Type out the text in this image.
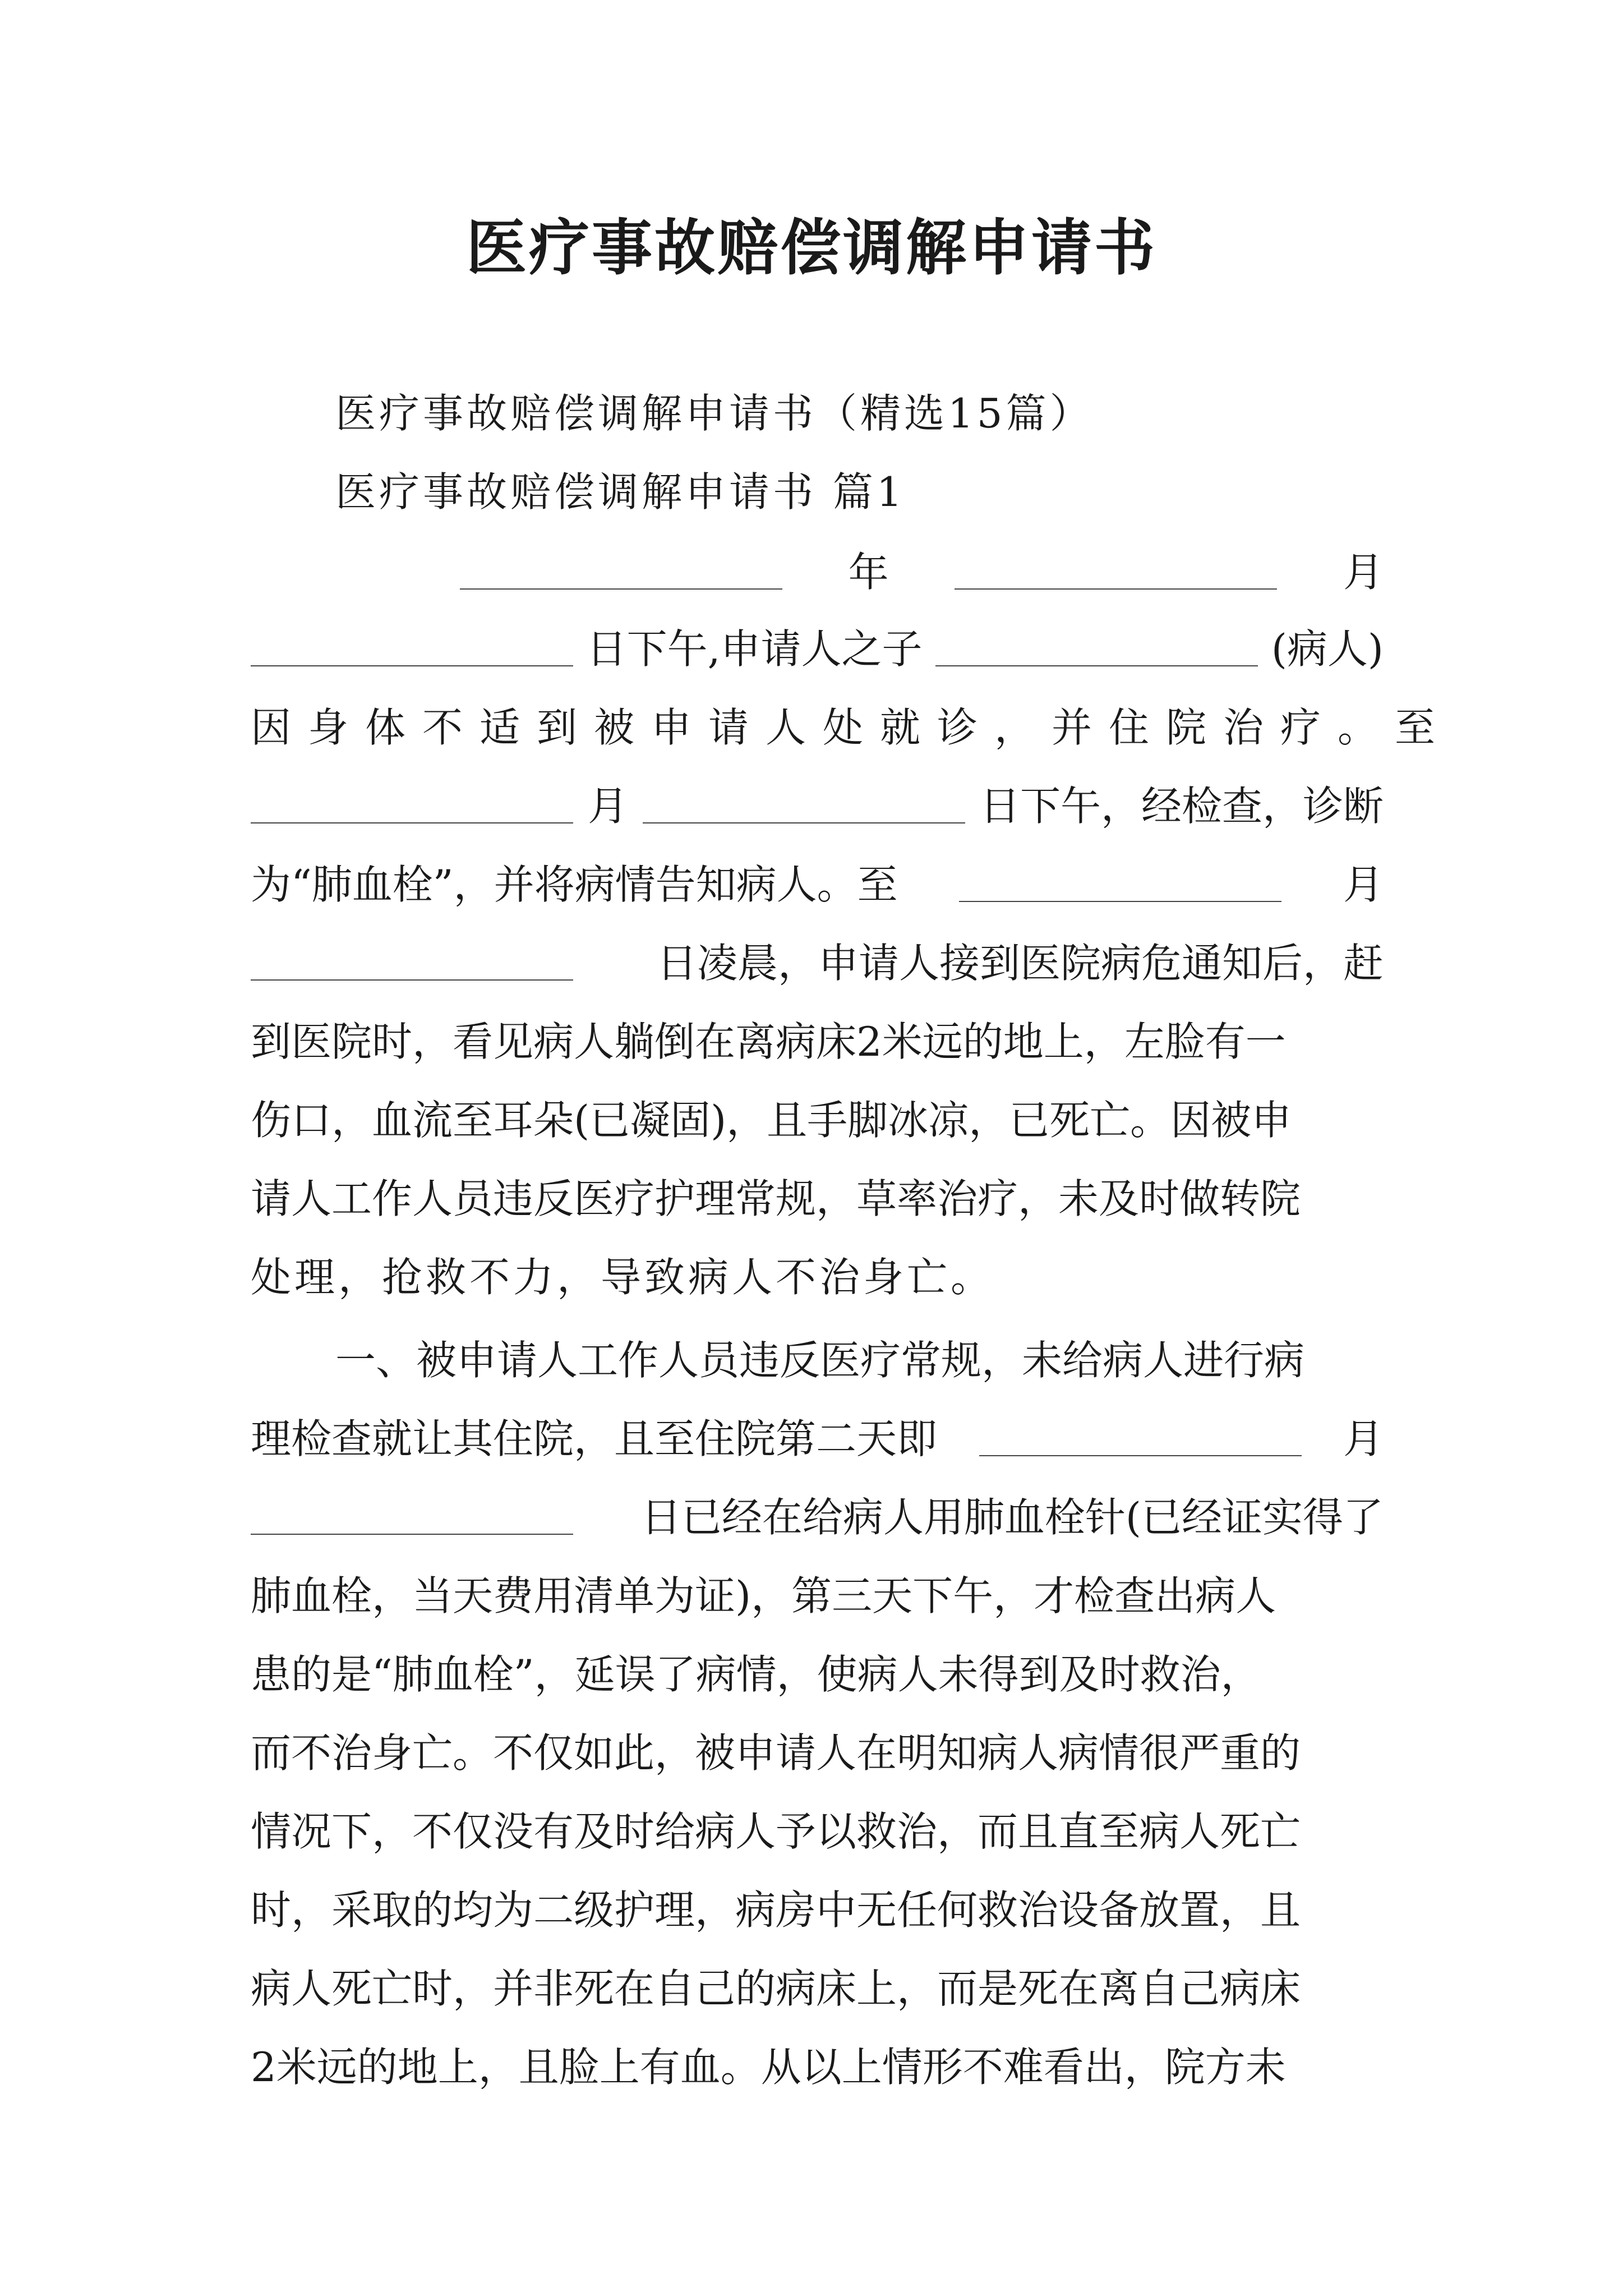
医疗事故赔偿调解申请书
医疗事故赔偿调解申请书（精选15篇）
医疗事故赔偿调解申请书 篇1
年	月
日下午,申请人之子	(病人)
因身体不适到被申请人处就诊，并住院治疗。至
月	日下午，经检查，诊断
为“肺血栓”，并将病情告知病人。至	月
日凌晨，申请人接到医院病危通知后，赶
到医院时，看见病人躺倒在离病床2米远的地上，左脸有一
伤口，血流至耳朵(已凝固)，且手脚冰凉，已死亡。因被申
请人工作人员违反医疗护理常规，草率治疗，未及时做转院
处理，抢救不力，导致病人不治身亡。
一、被申请人工作人员违反医疗常规，未给病人进行病
理检查就让其住院，且至住院第二天即	月
日已经在给病人用肺血栓针(已经证实得了
肺血栓，当天费用清单为证)，第三天下午，才检查出病人
患的是“肺血栓”，延误了病情，使病人未得到及时救治，
而不治身亡。不仅如此，被申请人在明知病人病情很严重的
情况下，不仅没有及时给病人予以救治，而且直至病人死亡
时，采取的均为二级护理，病房中无任何救治设备放置，且
病人死亡时，并非死在自己的病床上，而是死在离自己病床
2米远的地上，且脸上有血。从以上情形不难看出，院方未
